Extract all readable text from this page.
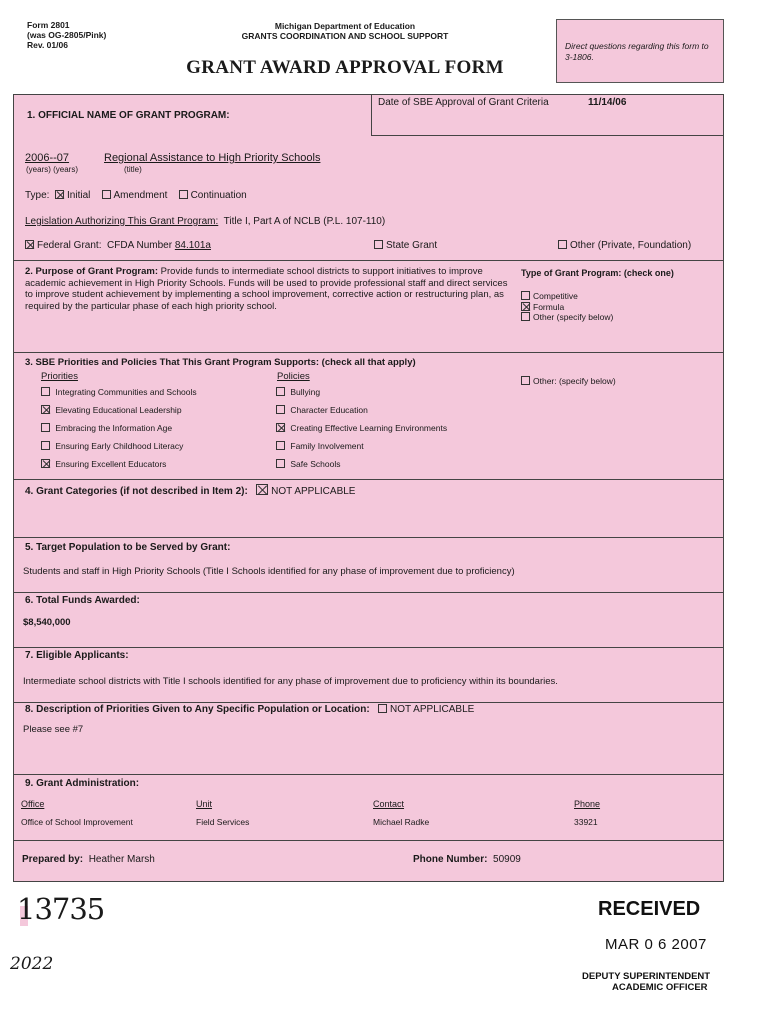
Form 2801
(was OG-2805/Pink)
Rev. 01/06
Michigan Department of Education
GRANTS COORDINATION AND SCHOOL SUPPORT
GRANT AWARD APPROVAL FORM
Direct questions regarding this form to 3-1806.
1. OFFICIAL NAME OF GRANT PROGRAM:
Date of SBE Approval of Grant Criteria	11/14/06
2006--07	Regional Assistance to High Priority Schools
(years) (years)	(title)
Type: Initial Amendment Continuation
Legislation Authorizing This Grant Program: Title I, Part A of NCLB (P.L. 107-110)
Federal Grant: CFDA Number 84.101a	State Grant	Other (Private, Foundation)
2. Purpose of Grant Program: Provide funds to intermediate school districts to support initiatives to improve academic achievement in High Priority Schools. Funds will be used to provide professional staff and direct services to improve student achievement by implementing a school improvement, corrective action or restructuring plan, as required by the particular phase of each high priority school.
Type of Grant Program: (check one)
Competitive
Formula
Other (specify below)
3. SBE Priorities and Policies That This Grant Program Supports: (check all that apply)
Priorities	Policies
Integrating Communities and Schools
Elevating Educational Leadership
Embracing the Information Age
Ensuring Early Childhood Literacy
Ensuring Excellent Educators
Bullying
Character Education
Creating Effective Learning Environments
Family Involvement
Safe Schools
Other: (specify below)
4. Grant Categories (if not described in Item 2): NOT APPLICABLE
5. Target Population to be Served by Grant:
Students and staff in High Priority Schools (Title I Schools identified for any phase of improvement due to proficiency)
6. Total Funds Awarded:
$8,540,000
7. Eligible Applicants:
Intermediate school districts with Title I schools identified for any phase of improvement due to proficiency within its boundaries.
8. Description of Priorities Given to Any Specific Population or Location: NOT APPLICABLE
Please see #7
9. Grant Administration:
Office	Unit	Contact	Phone
Office of School Improvement	Field Services	Michael Radke	33921
Prepared by: Heather Marsh	Phone Number: 50909
13735
2022
RECEIVED
MAR 0 6 2007
DEPUTY SUPERINTENDENT
ACADEMIC OFFICER
